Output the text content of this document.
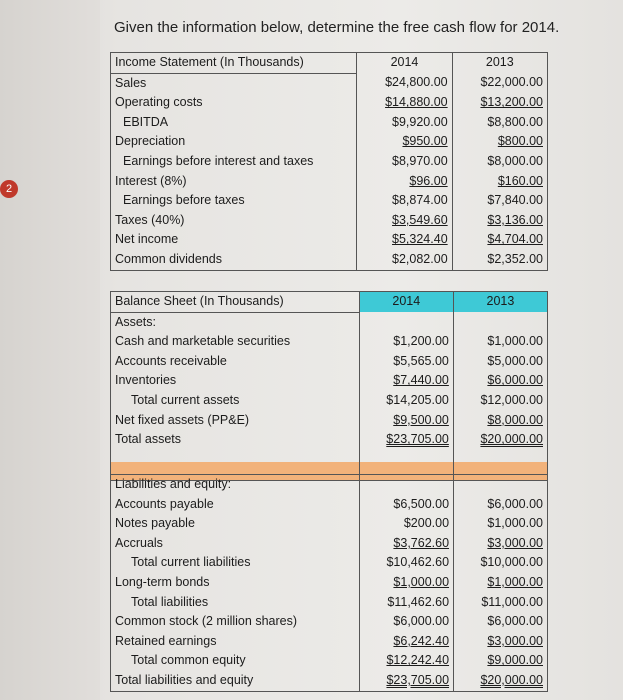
2
Given the information below, determine the free cash flow for 2014.
Income Statement (In Thousands)	2014	2013
Sales	$24,800.00	$22,000.00
Operating costs	$14,880.00	$13,200.00
EBITDA	$9,920.00	$8,800.00
Depreciation	$950.00	$800.00
Earnings before interest and taxes	$8,970.00	$8,000.00
Interest (8%)	$96.00	$160.00
Earnings before taxes	$8,874.00	$7,840.00
Taxes (40%)	$3,549.60	$3,136.00
Net income	$5,324.40	$4,704.00
Common dividends	$2,082.00	$2,352.00
Balance Sheet (In Thousands)	2014	2013
Assets:		
Cash and marketable securities	$1,200.00	$1,000.00
Accounts receivable	$5,565.00	$5,000.00
Inventories	$7,440.00	$6,000.00
Total current assets	$14,205.00	$12,000.00
Net fixed assets (PP&E)	$9,500.00	$8,000.00
Total assets	$23,705.00	$20,000.00

Liabilities and equity:		
Accounts payable	$6,500.00	$6,000.00
Notes payable	$200.00	$1,000.00
Accruals	$3,762.60	$3,000.00
Total current liabilities	$10,462.60	$10,000.00
Long-term bonds	$1,000.00	$1,000.00
Total liabilities	$11,462.60	$11,000.00
Common stock (2 million shares)	$6,000.00	$6,000.00
Retained earnings	$6,242.40	$3,000.00
Total common equity	$12,242.40	$9,000.00
Total liabilities and equity	$23,705.00	$20,000.00
